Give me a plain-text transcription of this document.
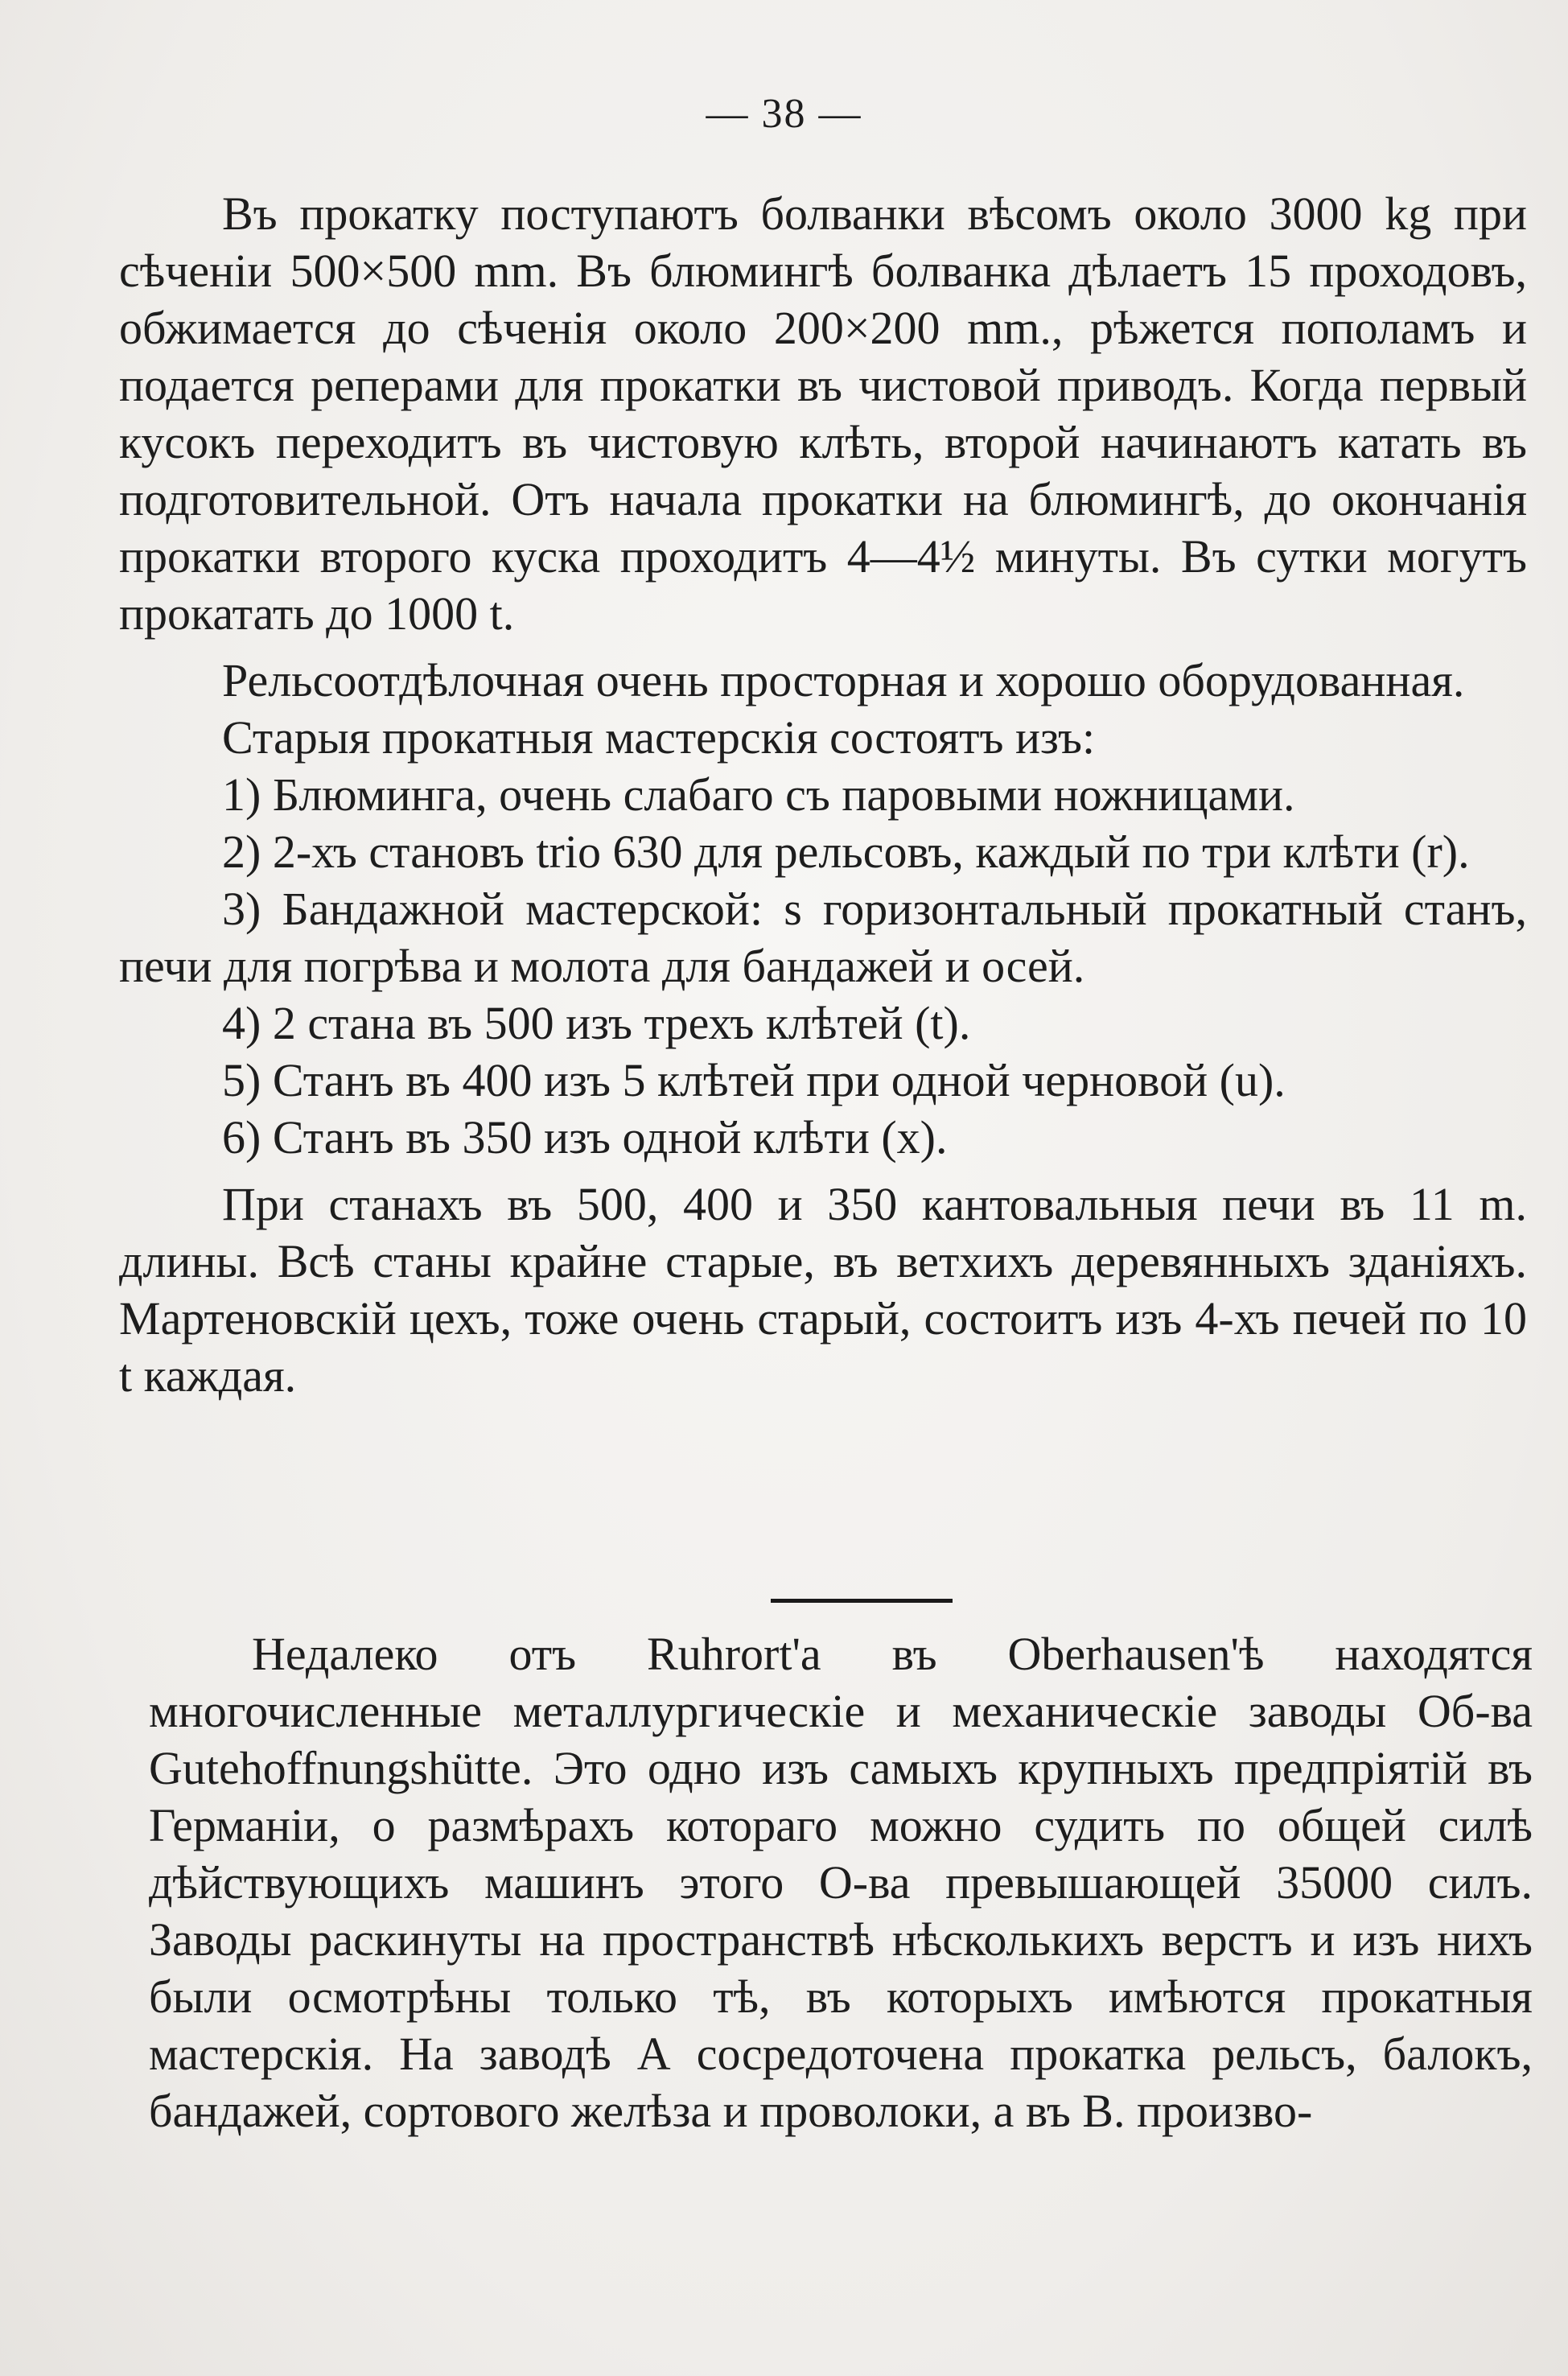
— 38 —

Въ прокатку поступаютъ болванки вѣсомъ около 3000 kg при сѣченіи 500×500 mm. Въ блюмингѣ болванка дѣлаетъ 15 проходовъ, обжимается до сѣченія около 200×200 mm., рѣжется пополамъ и подается реперами для прокатки въ чистовой приводъ. Когда первый кусокъ переходитъ въ чистовую клѣть, второй начинаютъ катать въ подготовительной. Отъ начала прокатки на блюмингѣ, до окончанія прокатки второго куска проходитъ 4—4½ минуты. Въ сутки могутъ прокатать до 1000 t.

Рельсоотдѣлочная очень просторная и хорошо оборудованная.

Старыя прокатныя мастерскія состоятъ изъ:

1) Блюминга, очень слабаго съ паровыми ножницами.

2) 2-хъ становъ trio 630 для рельсовъ, каждый по три клѣти (r).

3) Бандажной мастерской: s горизонтальный прокатный станъ, печи для погрѣва и молота для бандажей и осей.

4) 2 стана въ 500 изъ трехъ клѣтей (t).

5) Станъ въ 400 изъ 5 клѣтей при одной черновой (u).

6) Станъ въ 350 изъ одной клѣти (x).

При станахъ въ 500, 400 и 350 кантовальныя печи въ 11 m. длины. Всѣ станы крайне старые, въ ветхихъ деревянныхъ зданіяхъ. Мартеновскій цехъ, тоже очень старый, состоитъ изъ 4-хъ печей по 10 t каждая.

Недалеко отъ Ruhrort'a въ Oberhausen'ѣ находятся многочисленные металлургическіе и механическіе заводы Об-ва Gutehoffnungshütte. Это одно изъ самыхъ крупныхъ предпріятій въ Германіи, о размѣрахъ котораго можно судить по общей силѣ дѣйствующихъ машинъ этого О-ва превышающей 35000 силъ. Заводы раскинуты на пространствѣ нѣсколькихъ верстъ и изъ нихъ были осмотрѣны только тѣ, въ которыхъ имѣются прокатныя мастерскія. На заводѣ А сосредоточена прокатка рельсъ, балокъ, бандажей, сортового желѣза и проволоки, а въ В. произво-
